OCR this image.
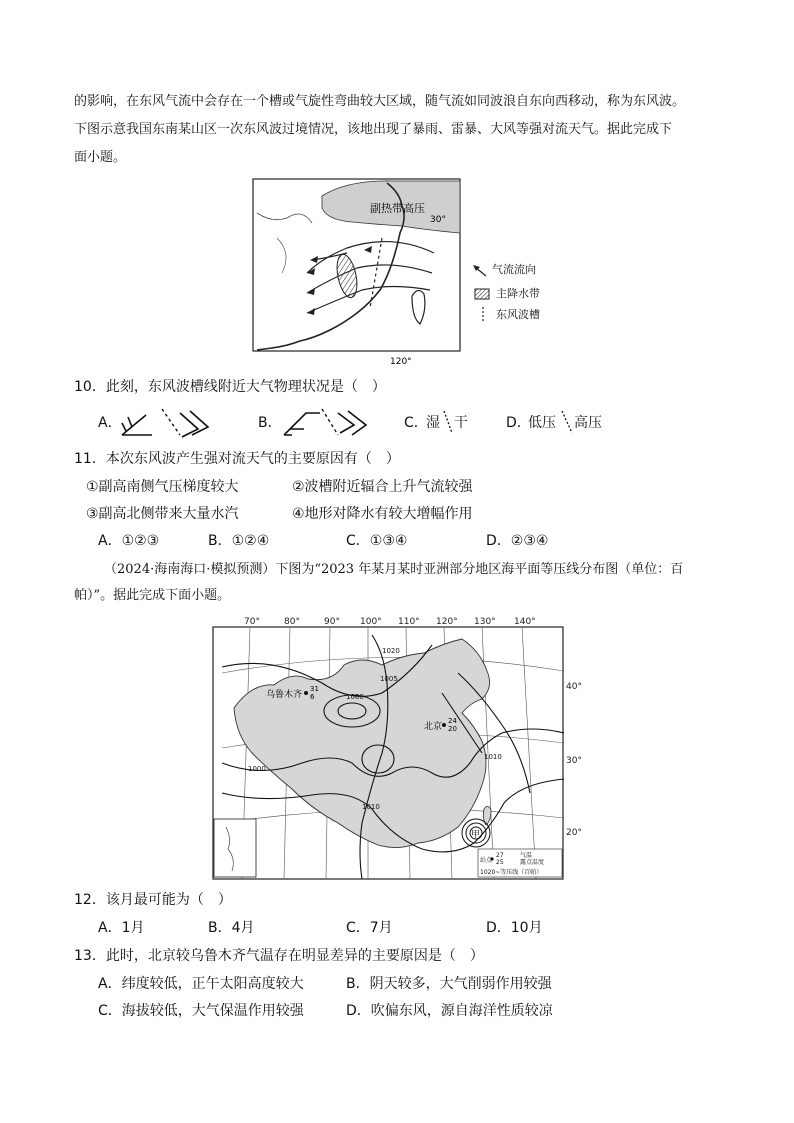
的影响，在东风气流中会存在一个槽或气旋性弯曲较大区域，随气流如同波浪自东向西移动，称为东风波。
下图示意我国东南某山区一次东风波过境情况，该地出现了暴雨、雷暴、大风等强对流天气。据此完成下
面小题。
副热带高压
30°
120°
气流流向
主降水带
东风波槽
10．此刻，东风波槽线附近大气物理状况是（　）
A．	B．	C．
湿 干	D．
低压 高压
11．本次东风波产生强对流天气的主要原因有（　）
①副高南侧气压梯度较大	②波槽附近辐合上升气流较强
③副高北侧带来大量水汽	④地形对降水有较大增幅作用
A．①②③	B．①②④	C．①③④	D．②③④
（2024·海南海口·模拟预测）下图为“2023 年某月某时亚洲部分地区海平面等压线分布图（单位：百
帕）”。据此完成下面小题。
70°	80°	90° 100° 110° 120° 130° 140°
40°
30°
20°
甲
乌鲁木齐
31
6
北京
24
20
1000
1005
1010
1020
1000
1010
站点
27
25
气温
露点温度
1020~等压线（百帕）
12．该月最可能为（　）
A．1月	B．4月	C．7月	D．10月
13．此时，北京较乌鲁木齐气温存在明显差异的主要原因是（　）
A．纬度较低，正午太阳高度较大	B．阴天较多，大气削弱作用较强
C．海拔较低，大气保温作用较强	D．吹偏东风，源自海洋性质较凉
